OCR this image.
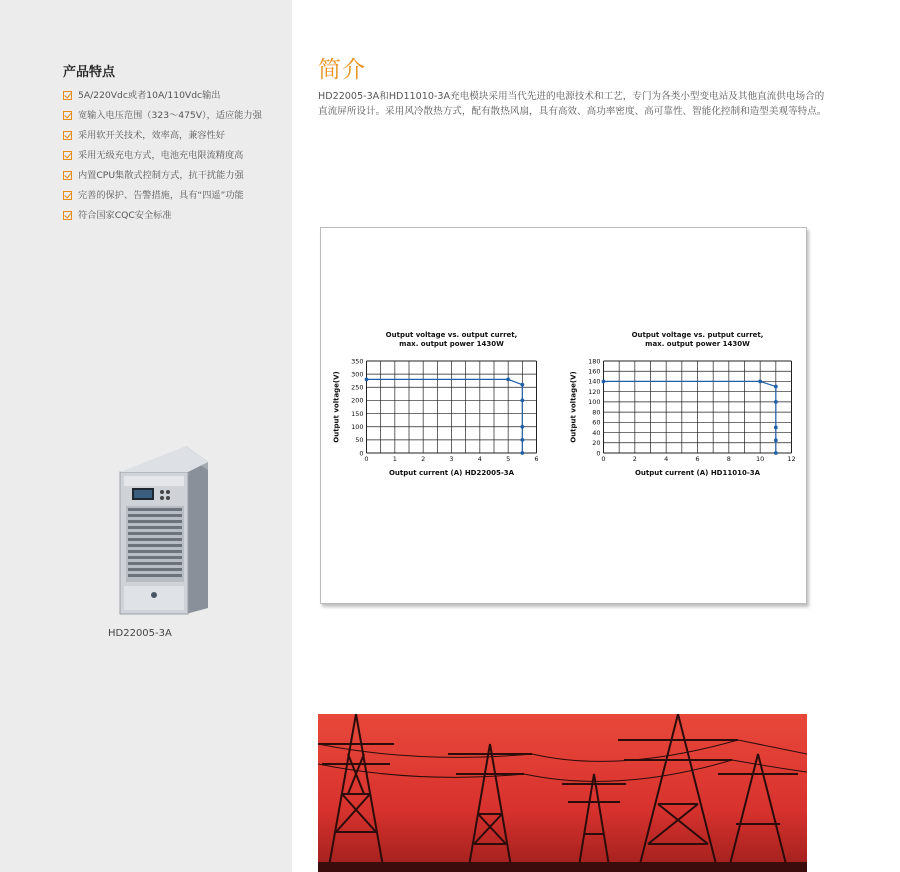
产品特点
5A/220Vdc或者10A/110Vdc输出
宽输入电压范围（323～475V），适应能力强
采用软开关技术，效率高，兼容性好
采用无级充电方式，电池充电限流精度高
内置CPU集散式控制方式，抗干扰能力强
完善的保护、告警措施，具有“四遥”功能
符合国家CQC安全标准
HD22005-3A
简介

HD22005-3A和HD11010-3A充电模块采用当代先进的电源技术和工艺，专门为各类小型变电站及其他直流供电场合的直流屏所设计。采用风冷散热方式，配有散热风扇，具有高效、高功率密度、高可靠性、智能化控制和造型美观等特点。

Output voltage vs. output curret,
max. output power 1430W
0
50
100
150
200
250
300
350
0	1	2	3	4	5	6
Output current (A) HD22005-3A
Output voltage(V)
Output voltage vs. putput curret,
max. output power 1430W
0
20
40
60
80
100
120
140
160
180
0	2	4	6	8	10	12
Output current (A) HD11010-3A
Output voltage(V)
